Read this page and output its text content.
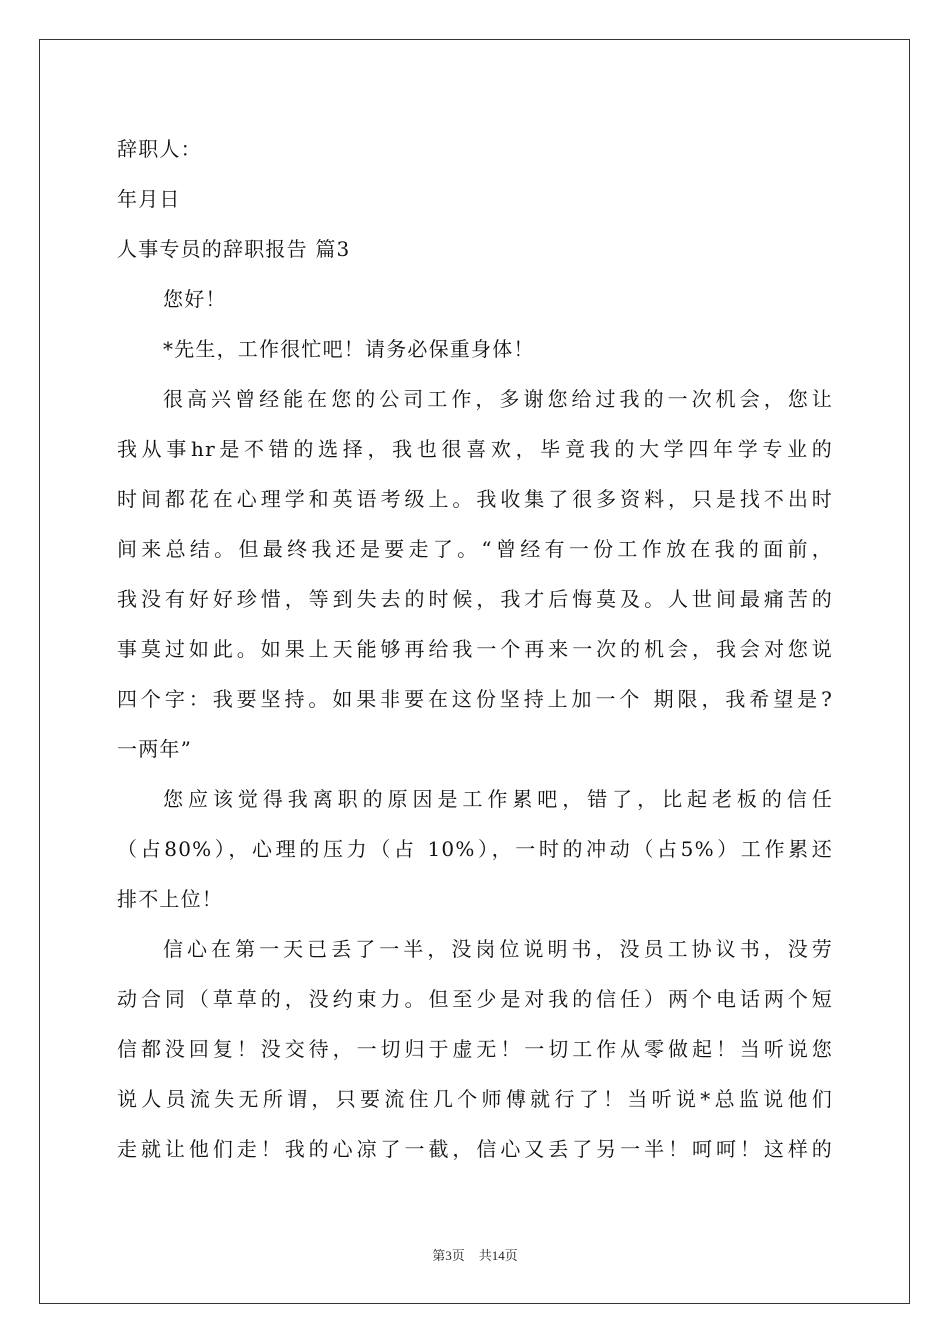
辞职人：
年月日
人事专员的辞职报告 篇3
您好！
*先生，工作很忙吧！请务必保重身体！
很高兴曾经能在您的公司工作，多谢您给过我的一次机会，您让
我从事hr是不错的选择，我也很喜欢，毕竟我的大学四年学专业的
时间都花在心理学和英语考级上。我收集了很多资料，只是找不出时
间来总结。但最终我还是要走了。“曾经有一份工作放在我的面前，
我没有好好珍惜，等到失去的时候，我才后悔莫及。人世间最痛苦的
事莫过如此。如果上天能够再给我一个再来一次的机会，我会对您说
四个字：我要坚持。如果非要在这份坚持上加一个 期限，我希望是?
一两年”
您应该觉得我离职的原因是工作累吧，错了，比起老板的信任
（占80%），心理的压力（占 10%），一时的冲动（占5%）工作累还
排不上位！
信心在第一天已丢了一半，没岗位说明书，没员工协议书，没劳
动合同（草草的，没约束力。但至少是对我的信任）两个电话两个短
信都没回复！没交待，一切归于虚无！一切工作从零做起！当听说您
说人员流失无所谓，只要流住几个师傅就行了！当听说*总监说他们
走就让他们走！我的心凉了一截，信心又丢了另一半！呵呵！这样的
第3页 共14页
